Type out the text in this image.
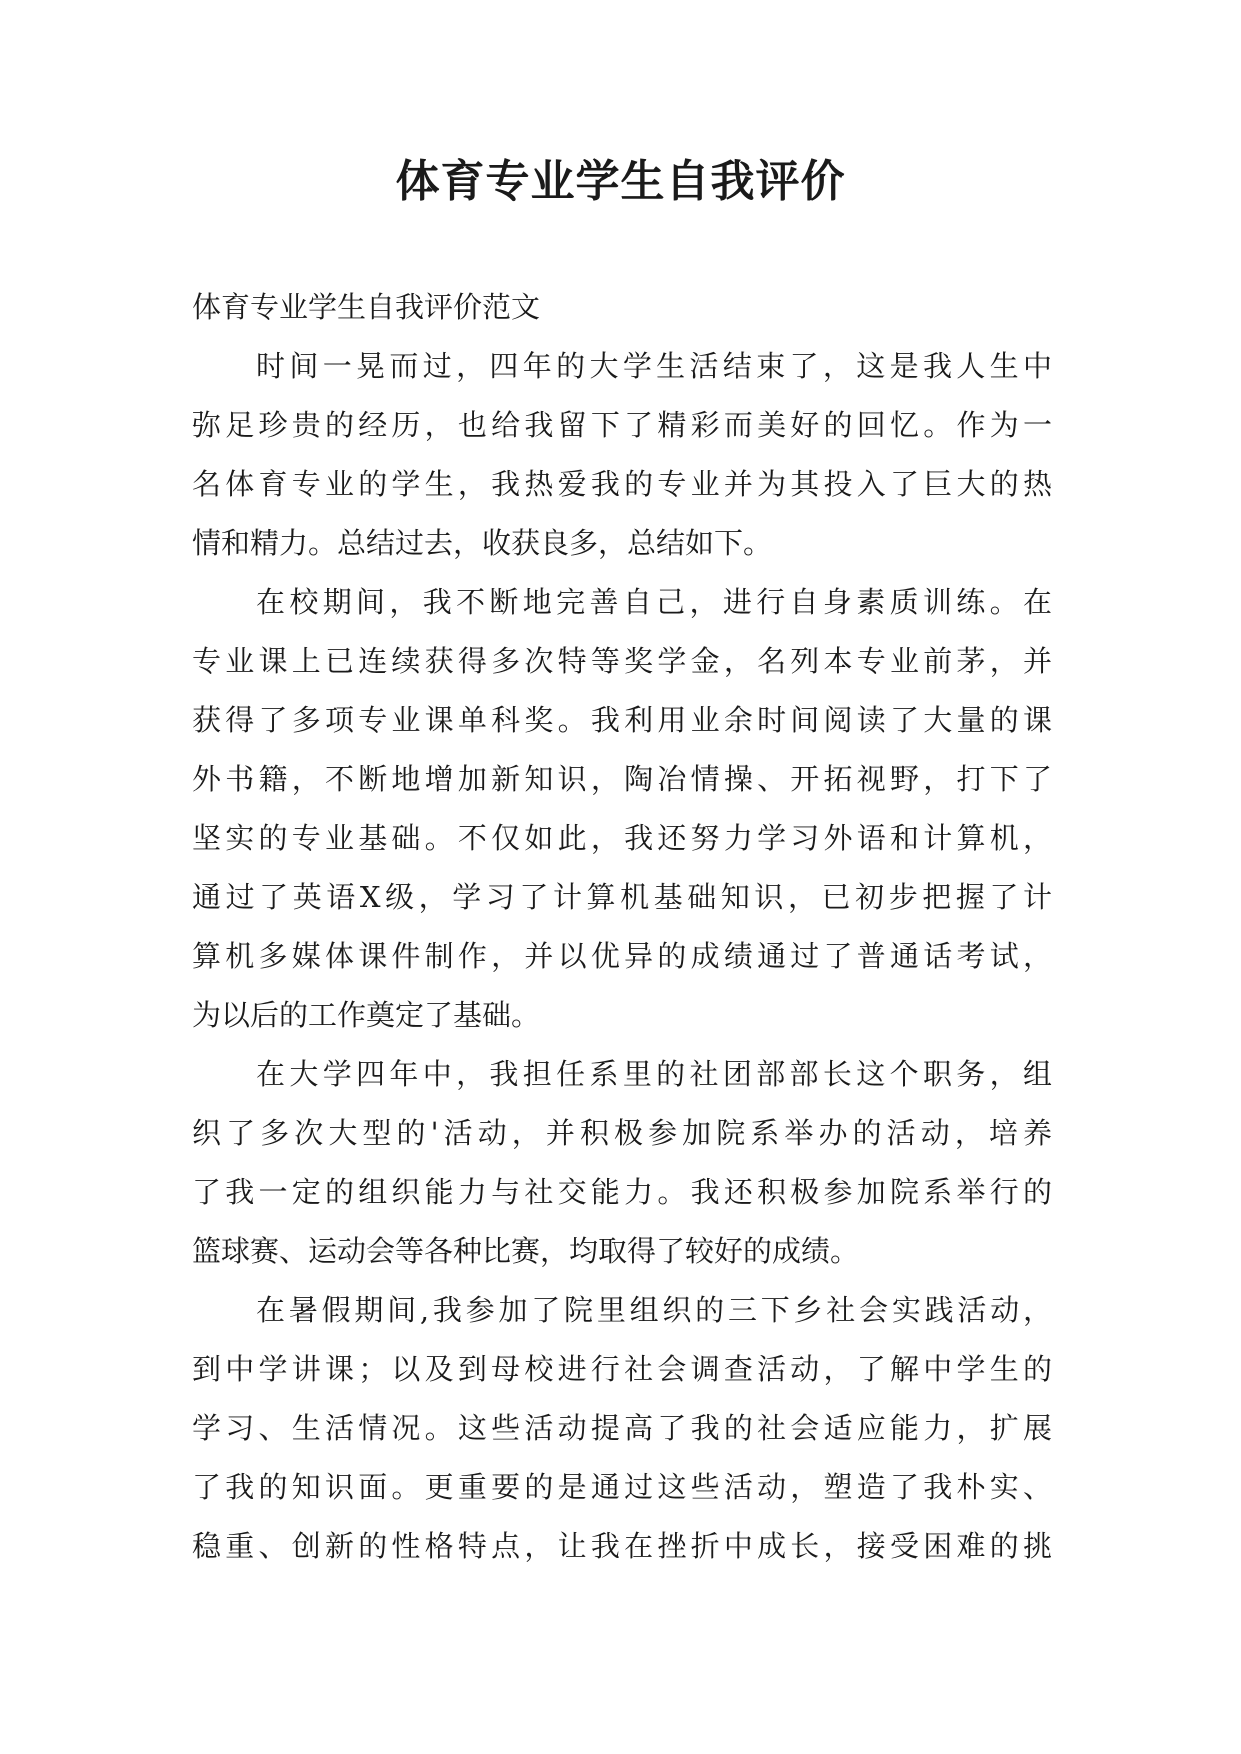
体育专业学生自我评价
体育专业学生自我评价范文
时间一晃而过，四年的大学生活结束了，这是我人生中
弥足珍贵的经历，也给我留下了精彩而美好的回忆。作为一
名体育专业的学生，我热爱我的专业并为其投入了巨大的热
情和精力。总结过去，收获良多，总结如下。
在校期间，我不断地完善自己，进行自身素质训练。在
专业课上已连续获得多次特等奖学金，名列本专业前茅，并
获得了多项专业课单科奖。我利用业余时间阅读了大量的课
外书籍，不断地增加新知识，陶冶情操、开拓视野，打下了
坚实的专业基础。不仅如此，我还努力学习外语和计算机，
通过了英语X级，学习了计算机基础知识，已初步把握了计
算机多媒体课件制作，并以优异的成绩通过了普通话考试，
为以后的工作奠定了基础。
在大学四年中，我担任系里的社团部部长这个职务，组
织了多次大型的'活动，并积极参加院系举办的活动，培养
了我一定的组织能力与社交能力。我还积极参加院系举行的
篮球赛、运动会等各种比赛，均取得了较好的成绩。
在暑假期间,我参加了院里组织的三下乡社会实践活动，
到中学讲课；以及到母校进行社会调查活动，了解中学生的
学习、生活情况。这些活动提高了我的社会适应能力，扩展
了我的知识面。更重要的是通过这些活动，塑造了我朴实、
稳重、创新的性格特点，让我在挫折中成长，接受困难的挑
